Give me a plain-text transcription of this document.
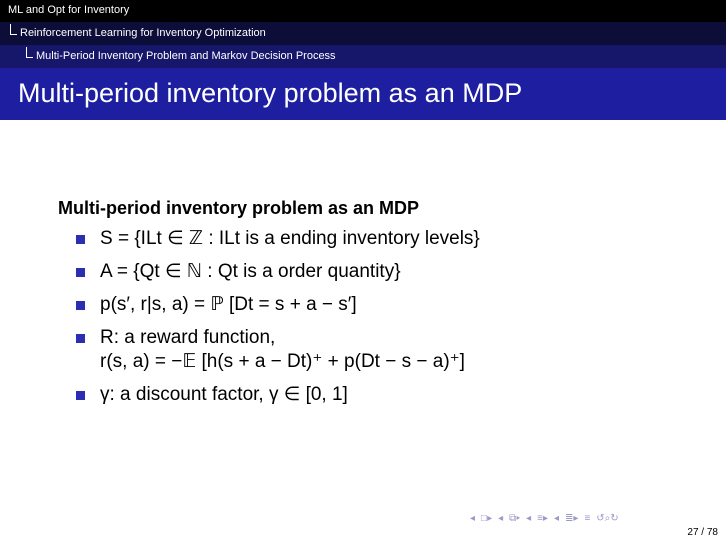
ML and Opt for Inventory
Reinforcement Learning for Inventory Optimization
Multi-Period Inventory Problem and Markov Decision Process
Multi-period inventory problem as an MDP
Multi-period inventory problem as an MDP
S = {ILt ∈ ℤ : ILt is a ending inventory levels}
A = {Qt ∈ ℕ : Qt is a order quantity}
p(s′, r|s, a) = ℙ [Dt = s + a − s′]
R: a reward function,
r(s, a) = −𝔼 [h(s + a − Dt)⁺ + p(Dt − s − a)⁺]
γ: a discount factor, γ ∈ [0, 1]
◂ □▸ ◂ ⧉▸ ◂ ≡▸ ◂ ≣▸ ≡ ↺⌕↻
27 / 78
